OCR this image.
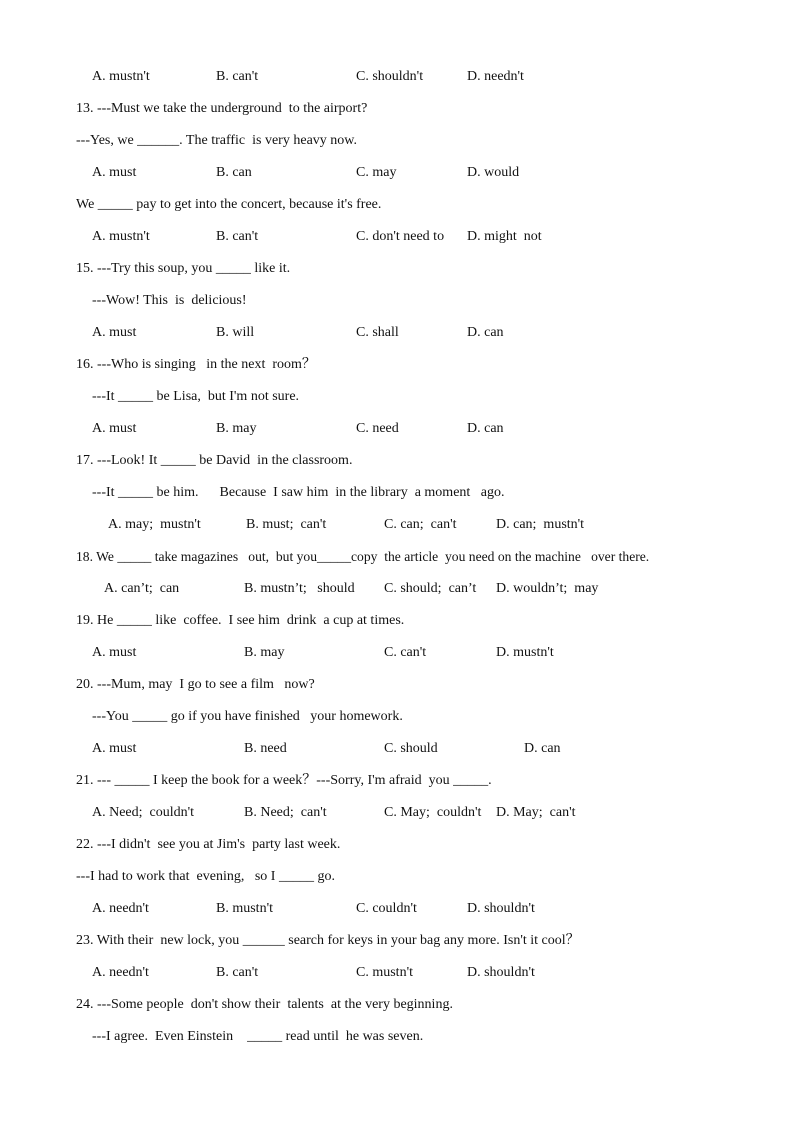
A. mustn't	B. can't	C. shouldn't	D. needn't
13. ---Must we take the underground  to the airport?
---Yes, we ______. The traffic  is very heavy now.
A. must	B. can	C. may	D. would
We _____ pay to get into the concert, because it's free.
A. mustn't	B. can't	C. don't need to D. might  not
15. ---Try this soup, you _____ like it.
---Wow! This  is  delicious!
A. must	B. will	C. shall	D. can
16. ---Who is singing   in the next  room？
---It _____ be Lisa,  but I'm not sure.
A. must	B. may	C. need	D. can
17. ---Look! It _____ be David  in the classroom.
---It _____ be him.      Because  I saw him  in the library  a moment   ago.
A. may;  mustn't	B. must;  can't	C. can;  can't	D. can;  mustn't
18. We _____ take magazines   out,  but you_____copy  the article  you need on the machine   over there.
A. can’t;  can	B. mustn’t;   should C. should;  can’t D. wouldn’t;  may
19. He _____ like  coffee.  I see him  drink  a cup at times.
A. must	B. may	C. can't	D. mustn't
20. ---Mum, may  I go to see a film   now?
---You _____ go if you have finished   your homework.
A. must	B. need	C. should	D. can
21. --- _____ I keep the book for a week？---Sorry, I'm afraid  you _____.
A. Need;  couldn't	B. Need;  can't	C. May;  couldn't D. May;  can't
22. ---I didn't  see you at Jim's  party last week.
---I had to work that  evening,   so I _____ go.
A. needn't	B. mustn't	C. couldn't	D. shouldn't
23. With their  new lock, you ______ search for keys in your bag any more. Isn't it cool？
A. needn't	B. can't	C. mustn't	D. shouldn't
24. ---Some people  don't show their  talents  at the very beginning.
---I agree.  Even Einstein    _____ read until  he was seven.
